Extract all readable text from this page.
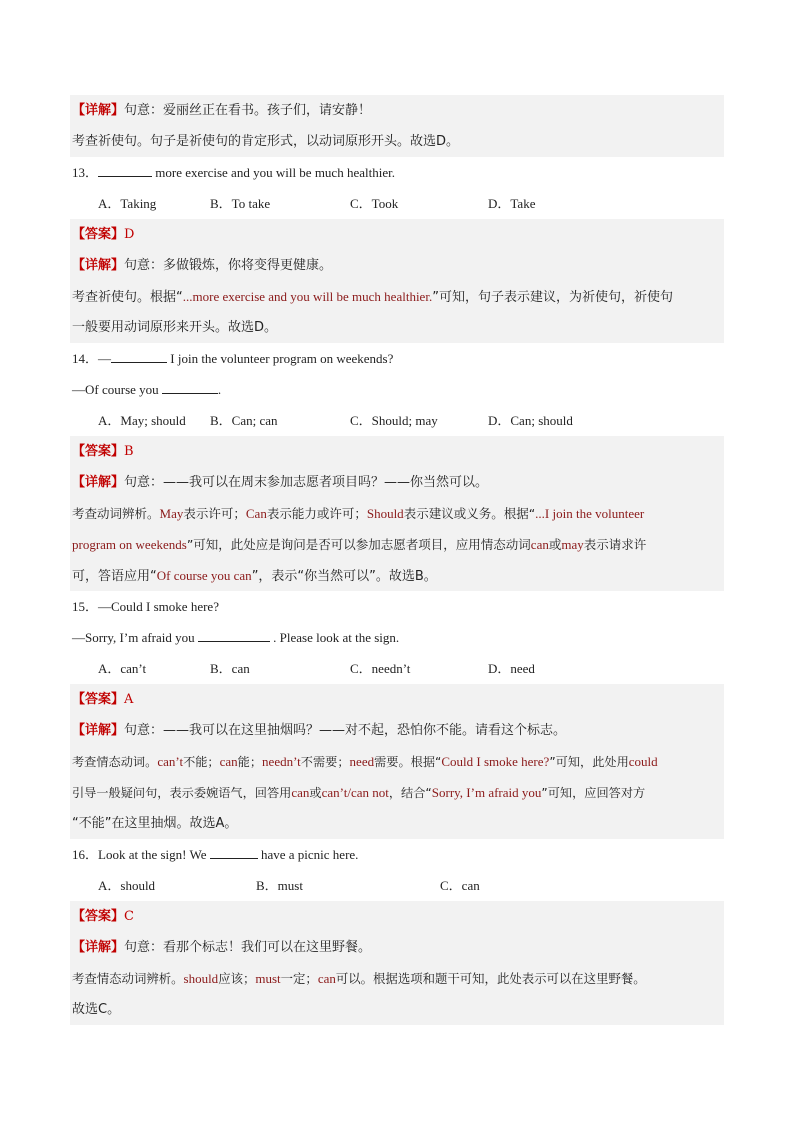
【详解】句意：爱丽丝正在看书。孩子们，请安静！
考查祈使句。句子是祈使句的肯定形式，以动词原形开头。故选D。
13．	more exercise and you will be much healthier.
A．Taking	B．To take	C．Took	D．Take
【答案】D
【详解】句意：多做锻炼，你将变得更健康。
考查祈使句。根据“...more exercise and you will be much healthier.”可知，句子表示建议，为祈使句，祈使句
一般要用动词原形来开头。故选D。
14．—	I join the volunteer program on weekends?
—Of course you	.
A．May; should B．Can; can	C．Should; may	D．Can; should
【答案】B
【详解】句意：——我可以在周末参加志愿者项目吗？——你当然可以。
考查动词辨析。May表示许可；Can表示能力或许可；Should表示建议或义务。根据“...I join the volunteer
program on weekends”可知，此处应是询问是否可以参加志愿者项目，应用情态动词can或may表示请求许
可，答语应用“Of course you can”，表示“你当然可以”。故选B。
15．—Could I smoke here?
—Sorry, I’m afraid you	. Please look at the sign.
A．can’t	B．can	C．needn’t	D．need
【答案】A
【详解】句意：——我可以在这里抽烟吗？——对不起，恐怕你不能。请看这个标志。
考查情态动词。can’t不能；can能；needn’t不需要；need需要。根据“Could I smoke here?”可知，此处用could
引导一般疑问句，表示委婉语气，回答用can或can’t/can not，结合“Sorry, I’m afraid you”可知，应回答对方
“不能”在这里抽烟。故选A。
16．Look at the sign! We	have a picnic here.
A．should	B．must	C．can
【答案】C
【详解】句意：看那个标志！我们可以在这里野餐。
考查情态动词辨析。should应该；must一定；can可以。根据选项和题干可知，此处表示可以在这里野餐。
故选C。
